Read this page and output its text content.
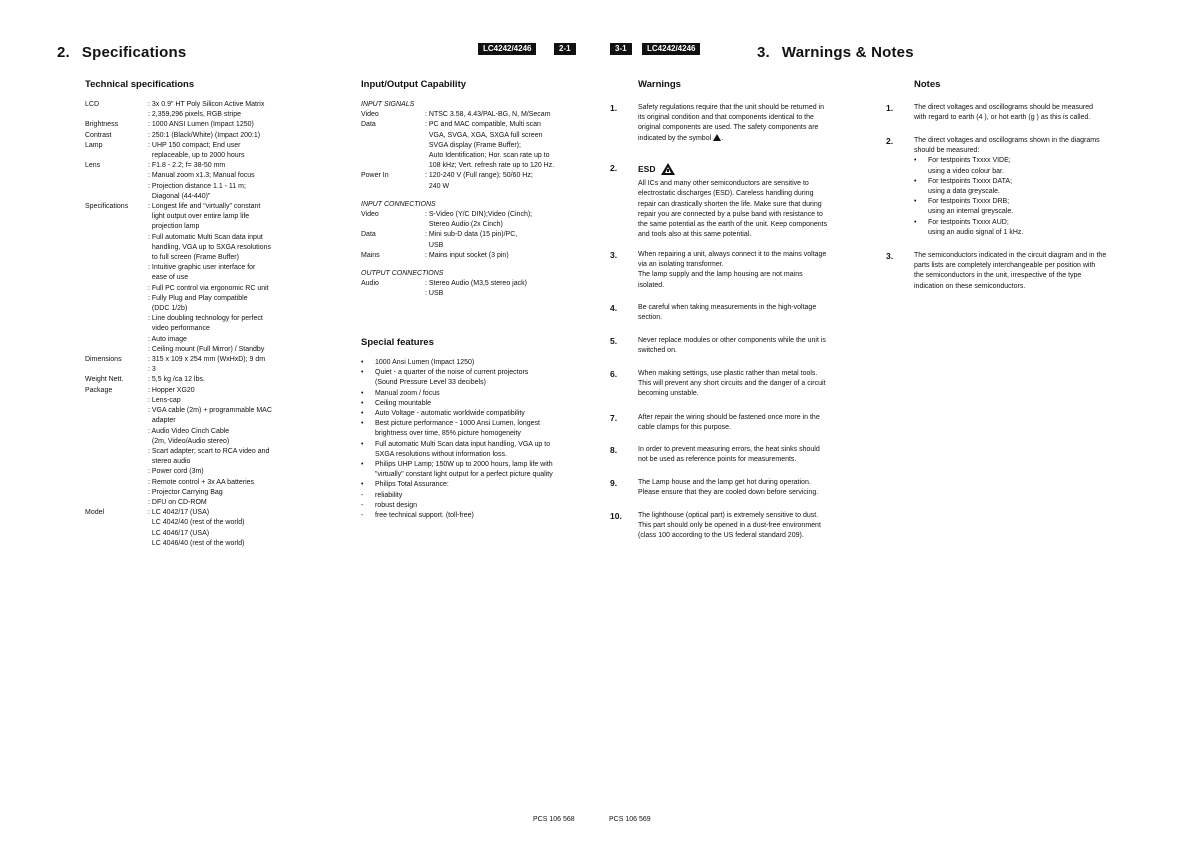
2. Specifications	LC4242/4246	2-1	3-1	LC4242/4246	3. Warnings & Notes
Technical specifications
LCD	: 3x 0.9" HT Poly Silicon Active Matrix
: 2,359,296 pixels, RGB stripe
Brightness	: 1000 ANSI Lumen (Impact 1250)
Contrast	: 250:1 (Black/White) (Impact 200:1)
Lamp	: UHP 150 compact; End user
replaceable, up to 2000 hours
Lens	: F1.8 - 2.2; f= 38-50 mm
: Manual zoom x1.3; Manual focus
: Projection distance 1.1 - 11 m;
Diagonal (44-440)"
Specifications	: Longest life and "virtually" constant
light output over entire lamp life
projection lamp
: Full automatic Multi Scan data input
handling, VGA up to SXGA resolutions
to full screen (Frame Buffer)
: Intuitive graphic user interface for
ease of use
: Full PC control via ergonomic RC unit
: Fully Plug and Play compatible
(DDC 1/2b)
: Line doubling technology for perfect
video performance
: Auto image
: Ceiling mount (Full Mirror) / Standby
Dimensions	: 315 x 109 x 254 mm (WxHxD); 9 dm
: 3
Weight Nett.	: 5,5 kg /ca 12 lbs.
Package	: Hopper XG20
: Lens-cap
: VGA cable (2m) + programmable MAC
adapter
: Audio Video Cinch Cable
(2m, Video/Audio stereo)
: Scart adapter; scart to RCA video and
stereo audio
: Power cord (3m)
: Remote control + 3x AA batteries
: Projector Carrying Bag
: DFU on CD-ROM
Model	: LC 4042/17 (USA)
LC 4042/40 (rest of the world)
LC 4046/17 (USA)
LC 4046/40 (rest of the world)
Input/Output Capability
INPUT SIGNALS
Video	: NTSC 3.58, 4.43/PAL-BG, N, M/Secam
Data	: PC and MAC compatible, Multi scan
VGA, SVGA, XGA, SXGA full screen
SVGA display (Frame Buffer);
Auto Identification; Hor. scan rate up to
108 kHz; Vert. refresh rate up to 120 Hz.
Power In	: 120-240 V (Full range); 50/60 Hz;
240 W
INPUT CONNECTIONS
Video	: S-Video (Y/C DIN);Video (Cinch);
Stereo Audio (2x Cinch)
Data	: Mini sub-D data (15 pin)/PC,
USB
Mains	: Mains input socket (3 pin)
OUTPUT CONNECTIONS
Audio	: Stereo Audio (M3,5 stereo jack)
: USB
Special features
•	1000 Ansi Lumen (Impact 1250)
•	Quiet - a quarter of the noise of current projectors
(Sound Pressure Level 33 decibels)
•	Manual zoom / focus
•	Ceiling mountable
•	Auto Voltage - automatic worldwide compatibility
•	Best picture performance - 1000 Ansi Lumen, longest
brightness over time, 85% picture homogeneity
•	Full automatic Multi Scan data input handling, VGA up to
SXGA resolutions without information loss.
•	Philips UHP Lamp; 150W up to 2000 hours, lamp life with
"virtually" constant light output for a perfect picture quality
•	Philips Total Assurance:
-	reliability
-	robust design
-	free technical support. (toll-free)
Warnings
1.	Safety regulations require that the unit should be returned in
its original condition and that components identical to the
original components are used. The safety components are
indicated by the symbol .
2. ESD
All ICs and many other semiconductors are sensitive to
electrostatic discharges (ESD). Careless handling during
repair can drastically shorten the life. Make sure that during
repair you are connected by a pulse band with resistance to
the same potential as the earth of the unit. Keep components
and tools also at this same potential.
3.	When repairing a unit, always connect it to the mains voltage
via an isolating transformer.
The lamp supply and the lamp housing are not mains
isolated.
4.	Be careful when taking measurements in the high-voltage
section.
5.	Never replace modules or other components while the unit is
switched on.
6.	When making settings, use plastic rather than metal tools.
This will prevent any short circuits and the danger of a circuit
becoming unstable.
7.	After repair the wiring should be fastened once more in the
cable clamps for this purpose.
8.	In order to prevent measuring errors, the heat sinks should
not be used as reference points for measurements.
9.	The Lamp house and the lamp get hot during operation.
Please ensure that they are cooled down before servicing.
10. The lighthouse (optical part) is extremely sensitive to dust.
This part should only be opened in a dust-free environment
(class 100 according to the US federal standard 209).
Notes
1.	The direct voltages and oscillograms should be measured
with regard to earth (4 ), or hot earth (g ) as this is called.
2.	The direct voltages and oscillograms shown in the diagrams
should be measured:
•	For testpoints Txxxx VIDE;
using a video colour bar.
•	For testpoints Txxxx DATA;
using a data greyscale.
•	For testpoints Txxxx DRB;
using an internal greyscale.
•	For testpoints Txxxx AUD;
using an audio signal of 1 kHz.
3.	The semiconductors indicated in the circuit diagram and in the
parts lists are completely interchangeable per position with
the semiconductors in the unit, irrespective of the type
indication on these semiconductors.
PCS 106 568	PCS 106 569
